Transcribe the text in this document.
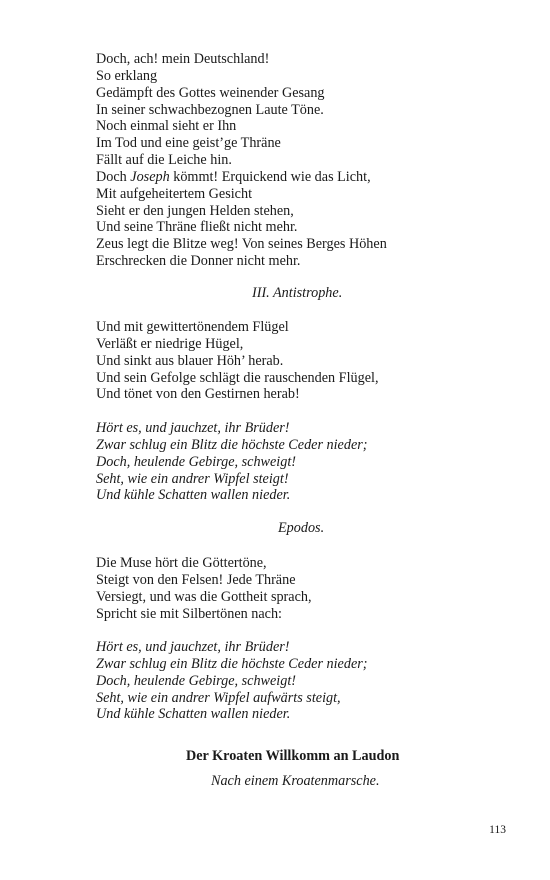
Doch, ach! mein Deutschland!
So erklang
Gedämpft des Gottes weinender Gesang
In seiner schwachbezognen Laute Töne.
Noch einmal sieht er Ihn
Im Tod und eine geist’ge Thräne
Fällt auf die Leiche hin.
Doch Joseph kömmt! Erquickend wie das Licht,
Mit aufgeheitertem Gesicht
Sieht er den jungen Helden stehen,
Und seine Thräne fließt nicht mehr.
Zeus legt die Blitze weg! Von seines Berges Höhen
Erschrecken die Donner nicht mehr.
III. Antistrophe.
Und mit gewittertönendem Flügel
Verläßt er niedrige Hügel,
Und sinkt aus blauer Höh’ herab.
Und sein Gefolge schlägt die rauschenden Flügel,
Und tönet von den Gestirnen herab!
Hört es, und jauchzet, ihr Brüder!
Zwar schlug ein Blitz die höchste Ceder nieder;
Doch, heulende Gebirge, schweigt!
Seht, wie ein andrer Wipfel steigt!
Und kühle Schatten wallen nieder.
Epodos.
Die Muse hört die Göttertöne,
Steigt von den Felsen! Jede Thräne
Versiegt, und was die Gottheit sprach,
Spricht sie mit Silbertönen nach:
Hört es, und jauchzet, ihr Brüder!
Zwar schlug ein Blitz die höchste Ceder nieder;
Doch, heulende Gebirge, schweigt!
Seht, wie ein andrer Wipfel aufwärts steigt,
Und kühle Schatten wallen nieder.
Der Kroaten Willkomm an Laudon
Nach einem Kroatenmarsche.
113
